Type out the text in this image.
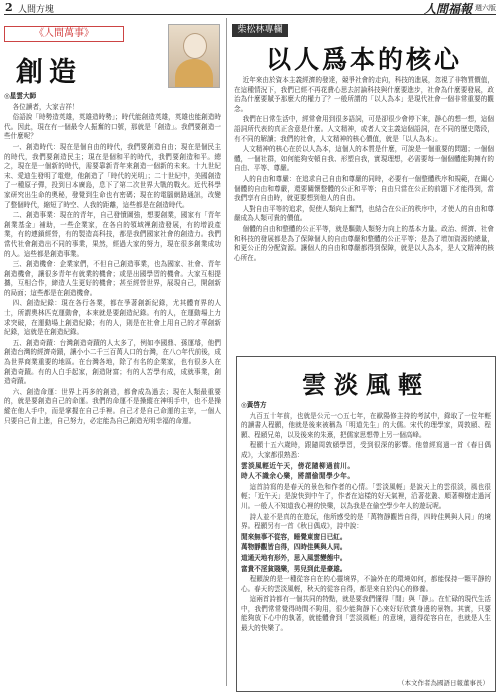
2 人間方塊	人間福報 週六版
《人間萬事》
創造

◎星雲大師

各位讀者，大家吉祥！

俗語說「時勢造英雄，英雄造時勢」；時代能創造英雄，英雄也能創造時代。因此，現在有一個最令人振奮的口號，那就是「創造」。我們要創造一些什麼呢？

一、創造時代：現在是個自由的時代，我們要創造自由；現在是個民主的時代，我們要創造民主；現在是個和平的時代，我們要創造和平。總之，現在是一個新的時代，需要靠新青年來創造一個新的未來。十九世紀末、愛迪生發明了電燈，他創造了「時代的光明」；二十世紀中，美國創造了一種原子彈，投到日本廣島，息下了第二次世界大戰的戰火。近代科學家研究出生命的奧秘，發覺到生命也有密碼；現在的電腦網路通訊，改變了整個時代，縮短了時空、人我的距離，這些都是在創造時代。

二、創造事業：現在的青年，自己發憤圖強，想要創業，國家有「青年創業基金」補助，一些企業家，在各自的領域裡創造發展，有的增設產業，有的連鎖經營，有的製造高科技，都是我們國家社會的創造力。我們當代社會創造出不同的事業，果然，經過大家的努力，現在很多創業成功的人。這些都是創造事業。

三、創造機會：企業家們，不但自己創造事業，也為國家、社會、青年創造機會，讓很多青年有就業的機會；或是出國學習的機會。大家互相提攜，互相合作，締造人生更好的機會；甚至經營世界，展現自己，開創新的局面；這些都是在創造機會。

四、創造紀錄：現在各行各業，都在爭著創新紀錄，尤其體育界的人士，所謂奧林匹克運動會，本來就是要創造紀錄。有的人，在運動場上力求突破，在運動場上創造紀錄；有的人，則是在社會上用自己的才華創新紀錄，這就是在創造紀錄。

五、創造奇蹟：台灣創造奇蹟的人太多了，例如李國鼎、孫運璿，他們創造台灣的經濟奇蹟，讓小小二千三百萬人口的台灣，在八○年代前後，成為世界商業重要的地區。在台灣各地，除了有名的企業家，也有很多人在創造奇蹟。有的人白手起家，創造財富；有的人苦學有成，成就事業，創造奇蹟。

六、創造命運：世界上再多的創造，都會成為過去；現在人類最重要的，就是要創造自己的命運。我們的命運不是操縱在神明手中，也不是操縱在他人手中，而是掌握在自己手裡。自己才是自己命運的主宰，一個人只要自己肯上進，自己努力，必定能為自己創造光明幸福的命運。

柴松林專欄
以人爲本的核心

近年來由於資本主義經濟的發達，競爭社會的走向，科技的進展，忽視了非物質價值，在這種情況下，我們已經不再花費心思去討論科技與什麼要進步，社會為什麼要發展，政治為什麼要賦予那麼大的權力了？一般所謂的「以人為本」是現代社會一個非常重要的觀念。

我們在日常生活中，經常會用到很多語詞，可是卻很少會停下來，靜心的想一想，這個語詞所代表的真正含意是什麼。人文精神，或者人文主義這個語詞，在不同的歷史階段，有不同的解讀；我們的社會，人文精神的核心價值，就是「以人為本」。

人文精神的核心在於以人為本，這個人的本質是什麼，可說是一個重要的問題；一個個體，一個社群，如何能夠安頓自我、形塑自我，實現理想，必需要每一個個體能夠擁有的自由、平等、尊嚴。

人的自由和尊嚴：在追求自己自由和尊嚴的同時，必要有一個整體秩序和規範，在關心個體的自由和尊嚴，還要關懷整體的公正和平等；自由只當在公正的前題下才能得到，當我們享有自由時，就更要想到他人的自由。

人對自由平等的追求，促使人類向上奮鬥，也結合在公正的秩序中，才使人的自由和尊嚴成為人類可貴的價值。

個體的自由和整體的公正平等，就是驅動人類努力向上的基本力量。政治、經濟、社會和科技的發展都是為了保障個人的自由尊嚴和整體的公正平等；是為了增加資源的總量，和更公正的分配資源。讓個人的自由和尊嚴都得到保障，就是以人為本，是人文精神的核心所在。

雲淡風輕

◎黃啓方

九百五十年前，也就是公元一○五七年，在歐陽修主持的考試中，錄取了一位年輕的讀書人程顥，他就是後來被稱為「明道先生」的大儒。宋代的理學家，周敦頤、程顥、程頤兄弟，以及後來的朱熹，把儒家思想帶上另一個高峰。

程顥十五六歲時，跟隨周敦頤學習，受到很深的影響。他曾經寫過一首《春日偶成》，大家都很熟悉：

雲淡風輕近午天，傍花隨柳過前川。

時人不識余心樂，將謂偷閒學少年。

這首詩寫的是春天的景色和作者的心情。「雲淡風輕」是說天上的雲很淡，風也很輕；「近午天」是說快到中午了，作者在這樣的好天氣裡，沿著花叢、順著柳樹走過河川。一般人不知道我心裡的快樂，以為我是在偷空學少年人的遊玩呢。

詩人並不是真的在遊玩，他所感受的是「萬物靜觀皆自得，四時佳興與人同」的境界。程顥另有一首《秋日偶成》，詩中說：

閒來無事不從容，睡覺東窗日已紅。

萬物靜觀皆自得，四時佳興與人同。

道通天地有形外，思入風雲變態中。

富貴不淫貧賤樂，男兒到此是豪雄。

程顥說的是一種從容自在的心靈境界，不論外在的環境如何，都能保持一顆平靜的心。春天的雲淡風輕，秋天的從容自得，都是來自於內心的修養。

這兩首詩都有一個共同的特點，就是要我們懂得「閒」與「靜」。在忙碌的現代生活中，我們常常覺得時間不夠用，很少能夠靜下心來好好欣賞身邊的景物。其實，只要能夠放下心中的執著，就能體會到「雲淡風輕」的意境，過得從容自在，也就是人生最大的快樂了。

（本文作者為國語日報董事長）
